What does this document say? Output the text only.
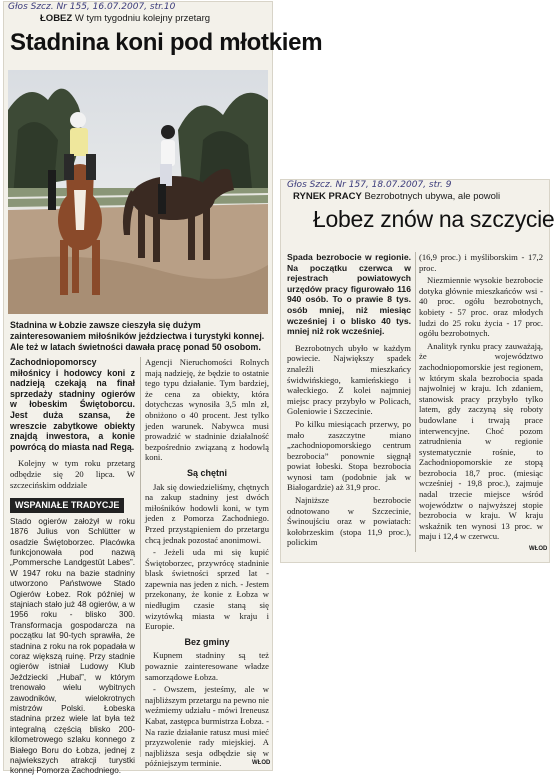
Głos Szcz. Nr 155, 16.07.2007, str.10
ŁOBEZ W tym tygodniu kolejny przetarg
Stadnina koni pod młotkiem
Stadnina w Łobzie zawsze cieszyła się dużym zainteresowaniem miłośników jeździectwa i turystyki konnej. Ale też w latach świetności dawała pracę ponad 50 osobom.

Zachodniopomorscy miłośnicy i hodowcy koni z nadzieją czekają na finał sprzedaży stadniny ogierów w łobeskim Świętoborcu. Jest duża szansa, że wreszcie zabytkowe obiekty znajdą inwestora, a konie powrócą do miasta nad Regą.

Kolejny w tym roku przetarg odbędzie się 20 lipca. W szczecińskim oddziale

WSPANIAŁE TRADYCJE

Stado ogierów założył w roku 1876 Julius von Schlütter w osadzie Świętoborzec. Placówka funkcjonowała pod nazwą „Pommersche Landgestüt Labes”. W 1947 roku na bazie stadniny utworzono Państwowe Stado Ogierów Łobez. Rok później w stajniach stało już 48 ogierów, a w 1956 roku - blisko 300. Transformacja gospodarcza na początku lat 90-tych sprawiła, że stadnina z roku na rok popadała w coraz większą ruinę. Przy stadnie ogierów istniał Ludowy Klub Jeździecki „Hubal”, w którym trenowało wielu wybitnych zawodników, wielokrotnych mistrzów Polski. Łobeska stadnina przez wiele lat była też integralną częścią blisko 200-kilometrowego szlaku konnego z Białego Boru do Łobza, jednej z najwiekszych atrakcji turystki konnej Pomorza Zachodniego.

Agencji Nieruchomości Rolnych mają nadzieję, że będzie to ostatnie tego typu działanie. Tym bardziej, że cena za obiekty, która dotychczas wynosiła 3,5 mln zł, obniżono o 40 procent. Jest tylko jeden warunek. Nabywca musi prowadzić w stadninie działalność bezpośrednio związaną z hodowlą koni.

Są chętni

Jak się dowiedzieliśmy, chętnych na zakup stadniny jest dwóch miłośników hodowli koni, w tym jeden z Pomorza Zachodniego. Przed przystąpieniem do przetargu chcą jednak pozostać anonimowi.

- Jeżeli uda mi się kupić Świętoborzec, przywrócę stadninie blask świetności sprzed lat - zapewnia nas jeden z nich. - Jestem przekonany, że konie z Łobza w niedługim czasie staną się wizytówką miasta w kraju i Europie.

Bez gminy

Kupnem stadniny są też powaznie zainteresowane władze samorządowe Łobza.

- Owszem, jesteśmy, ale w najbliższym przetargu na pewno nie weźmiemy udziału - mówi Ireneusz Kabat, zastępca burmistrza Łobza. - Na razie działanie ratusz musi mieć przyzwolenie rady miejskiej. A najbliższa sesja odbędzie się w późniejszym terminie.	WŁOD
Głos Szcz. Nr 157, 18.07.2007, str. 9
RYNEK PRACY Bezrobotnych ubywa, ale powoli
Łobez znów na szczycie

Spada bezrobocie w regionie. Na początku czerwca w rejestrach powiatowych urzędów pracy figurowało 116 940 osób. To o prawie 8 tys. osób mniej, niż miesiąc wcześniej i o blisko 40 tys. mniej niż rok wcześniej.

Bezrobotnych ubyło w każdym powiecie. Największy spadek znaleźli mieszkańcy świdwińskiego, kamieńskiego i wałeckiego. Z kolei najmniej miejsc pracy przybyło w Policach, Goleniowie i Szczecinie.

Po kilku miesiącach przerwy, po mało zaszczytne miano „zachodniopomorskiego centrum bezrobocia” ponownie sięgnął powiat łobeski. Stopa bezrobocia wynosi tam (podobnie jak w Białogardzie) aż 31,9 proc.

Najniższe bezrobocie odnotowano w Szczecinie, Świnoujściu oraz w powiatach: kołobrzeskim (stopa 11,9 proc.), polickim

(16,9 proc.) i myśliborskim - 17,2 proc.

Niezmiennie wysokie bezrobocie dotyka głównie mieszkańców wsi - 40 proc. ogółu bezrobotnych, kobiety - 57 proc. oraz młodych ludzi do 25 roku życia - 17 proc. ogółu bezrobotnych.

Analityk rynku pracy zauważają, że województwo zachodniopomorskie jest regionem, w którym skala bezrobocia spada najwolniej w kraju. Ich zdaniem, stanowisk pracy przybyło tylko latem, gdy zaczyną się roboty budowlane i trwają prace interwencyjne. Choć pozom zatrudnienia w regionie systematycznie rośnie, to Zachodniopomorskie ze stopą bezrobocia 18,7 proc. (miesiąc wcześniej - 19,8 proc.), zajmuje nadal trzecie miejsce wśród województw o najwyższej stopie bezrobocia w kraju. W kraju wskaźnik ten wynosi 13 proc. w maju i 12,4 w czerwcu.

WŁOD
